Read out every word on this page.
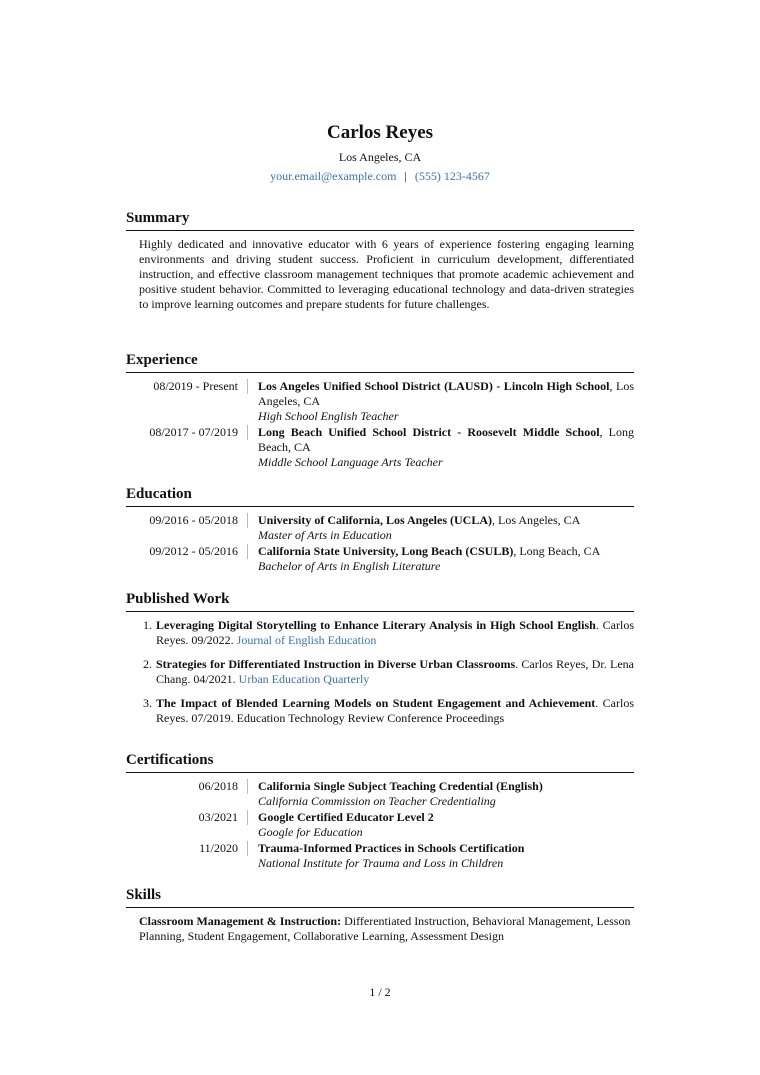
Carlos Reyes
Los Angeles, CA
your.email@example.com | (555) 123-4567
Summary
Highly dedicated and innovative educator with 6 years of experience fostering engaging learning environments and driving student success. Proficient in curriculum development, differentiated instruction, and effective classroom management techniques that promote academic achievement and positive student behavior. Committed to leveraging educational technology and data-driven strategies to improve learning outcomes and prepare students for future challenges.
Experience
08/2019 - Present	Los Angeles Unified School District (LAUSD) - Lincoln High School, Los Angeles, CA
High School English Teacher
08/2017 - 07/2019	Long Beach Unified School District - Roosevelt Middle School, Long Beach, CA
Middle School Language Arts Teacher
Education
09/2016 - 05/2018	University of California, Los Angeles (UCLA), Los Angeles, CA
Master of Arts in Education
09/2012 - 05/2016	California State University, Long Beach (CSULB), Long Beach, CA
Bachelor of Arts in English Literature
Published Work
1. Leveraging Digital Storytelling to Enhance Literary Analysis in High School English. Carlos Reyes. 09/2022. Journal of English Education
2. Strategies for Differentiated Instruction in Diverse Urban Classrooms. Carlos Reyes, Dr. Lena Chang. 04/2021. Urban Education Quarterly
3. The Impact of Blended Learning Models on Student Engagement and Achievement. Carlos Reyes. 07/2019. Education Technology Review Conference Proceedings
Certifications
06/2018	California Single Subject Teaching Credential (English)
California Commission on Teacher Credentialing
03/2021	Google Certified Educator Level 2
Google for Education
11/2020	Trauma-Informed Practices in Schools Certification
National Institute for Trauma and Loss in Children
Skills
Classroom Management & Instruction: Differentiated Instruction, Behavioral Management, Lesson Planning, Student Engagement, Collaborative Learning, Assessment Design
1 / 2
